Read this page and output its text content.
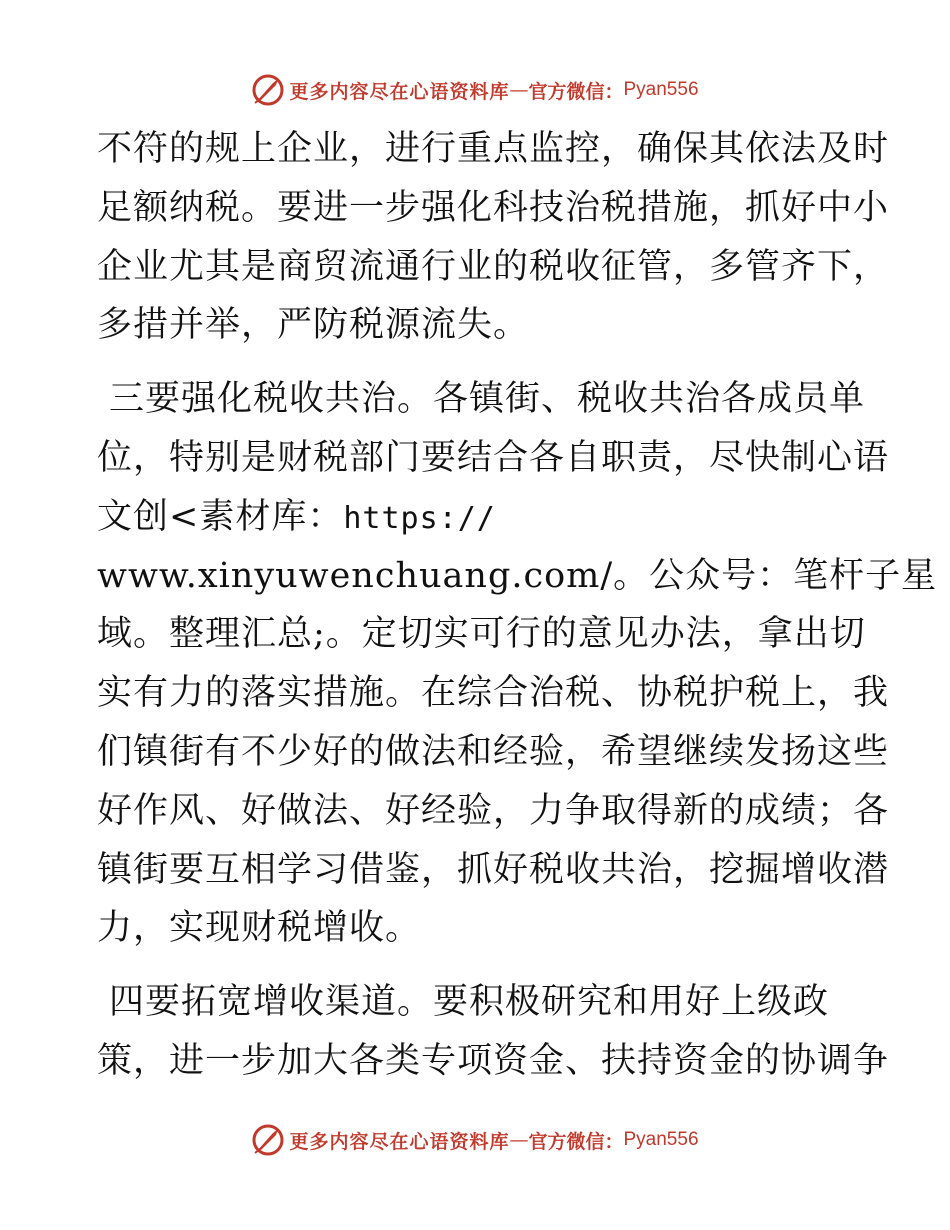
更多内容尽在心语资料库 — 官方微信： Pyan556
不符的规上企业，进行重点监控，确保其依法及时
足额纳税。要进一步强化科技治税措施，抓好中小
企业尤其是商贸流通行业的税收征管，多管齐下，
多措并举，严防税源流失。
三要强化税收共治。各镇街、税收共治各成员单
位，特别是财税部门要结合各自职责，尽快制心语
文创<素材库：https://
www.xinyuwenchuang.com/。公众号：笔杆子星
域。整理汇总;。定切实可行的意见办法，拿出切
实有力的落实措施。在综合治税、协税护税上，我
们镇街有不少好的做法和经验，希望继续发扬这些
好作风、好做法、好经验，力争取得新的成绩；各
镇街要互相学习借鉴，抓好税收共治，挖掘增收潜
力，实现财税增收。
四要拓宽增收渠道。要积极研究和用好上级政
策，进一步加大各类专项资金、扶持资金的协调争
更多内容尽在心语资料库 — 官方微信： Pyan556
